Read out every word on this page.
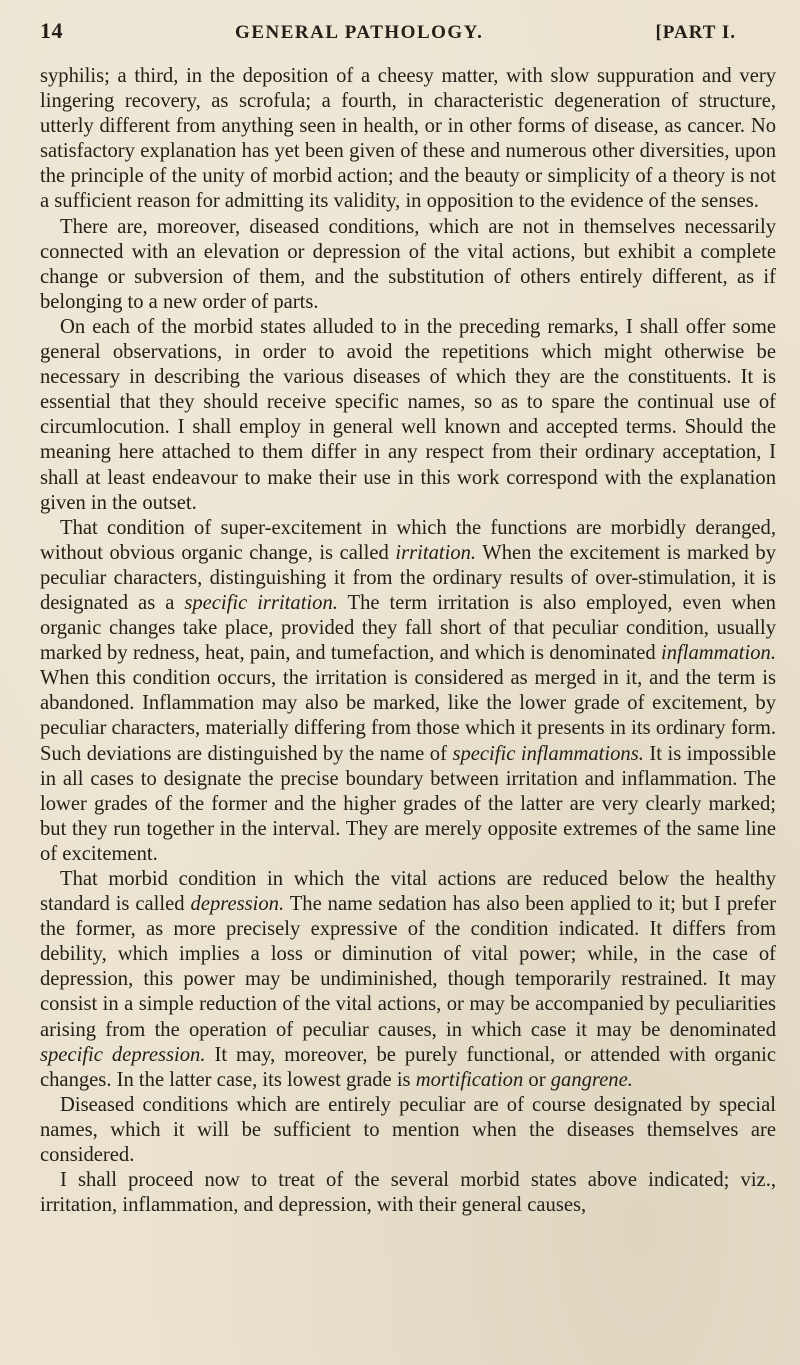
14	GENERAL PATHOLOGY.	[PART I.

syphilis; a third, in the deposition of a cheesy matter, with slow suppuration and very lingering recovery, as scrofula; a fourth, in characteristic degeneration of structure, utterly different from anything seen in health, or in other forms of disease, as cancer. No satisfactory explanation has yet been given of these and numerous other diversities, upon the principle of the unity of morbid action; and the beauty or simplicity of a theory is not a sufficient reason for admitting its validity, in opposition to the evidence of the senses.

There are, moreover, diseased conditions, which are not in themselves necessarily connected with an elevation or depression of the vital actions, but exhibit a complete change or subversion of them, and the substitution of others entirely different, as if belonging to a new order of parts.

On each of the morbid states alluded to in the preceding remarks, I shall offer some general observations, in order to avoid the repetitions which might otherwise be necessary in describing the various diseases of which they are the constituents. It is essential that they should receive specific names, so as to spare the continual use of circumlocution. I shall employ in general well known and accepted terms. Should the meaning here attached to them differ in any respect from their ordinary acceptation, I shall at least endeavour to make their use in this work correspond with the explanation given in the outset.

That condition of super-excitement in which the functions are morbidly deranged, without obvious organic change, is called irritation. When the excitement is marked by peculiar characters, distinguishing it from the ordinary results of over-stimulation, it is designated as a specific irritation. The term irritation is also employed, even when organic changes take place, provided they fall short of that peculiar condition, usually marked by redness, heat, pain, and tumefaction, and which is denominated inflammation. When this condition occurs, the irritation is considered as merged in it, and the term is abandoned. Inflammation may also be marked, like the lower grade of excitement, by peculiar characters, materially differing from those which it presents in its ordinary form. Such deviations are distinguished by the name of specific inflammations. It is impossible in all cases to designate the precise boundary between irritation and inflammation. The lower grades of the former and the higher grades of the latter are very clearly marked; but they run together in the interval. They are merely opposite extremes of the same line of excitement.

That morbid condition in which the vital actions are reduced below the healthy standard is called depression. The name sedation has also been applied to it; but I prefer the former, as more precisely expressive of the condition indicated. It differs from debility, which implies a loss or diminution of vital power; while, in the case of depression, this power may be undiminished, though temporarily restrained. It may consist in a simple reduction of the vital actions, or may be accompanied by peculiarities arising from the operation of peculiar causes, in which case it may be denominated specific depression. It may, moreover, be purely functional, or attended with organic changes. In the latter case, its lowest grade is mortification or gangrene.

Diseased conditions which are entirely peculiar are of course designated by special names, which it will be sufficient to mention when the diseases themselves are considered.

I shall proceed now to treat of the several morbid states above indicated; viz., irritation, inflammation, and depression, with their general causes,
